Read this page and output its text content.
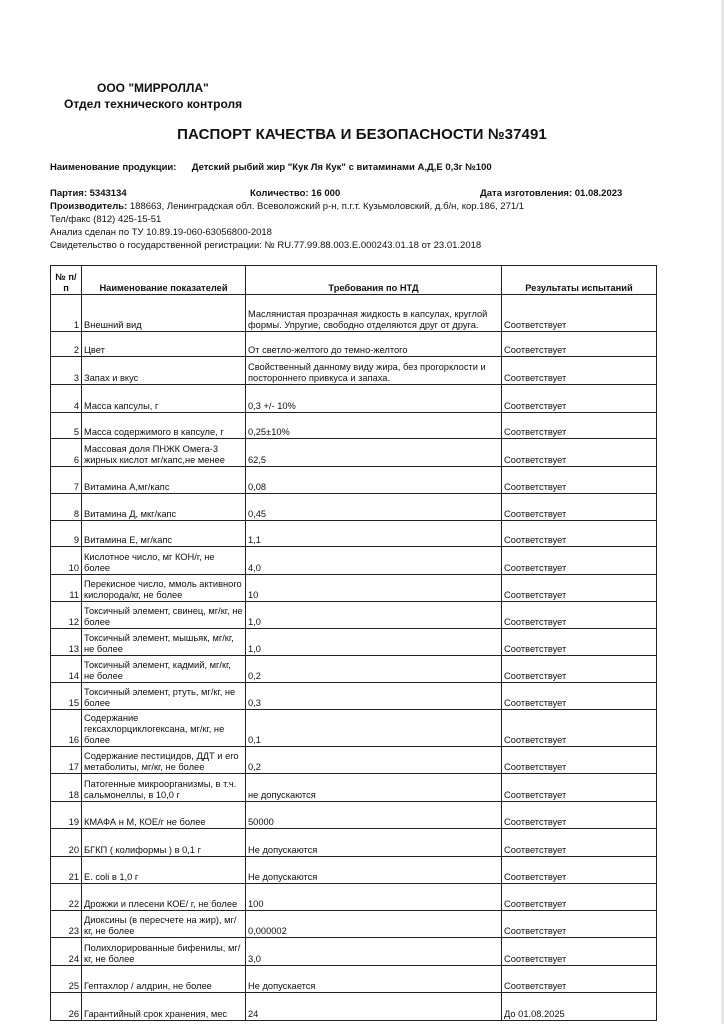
ООО "МИРРОЛЛА"
Отдел технического контроля
ПАСПОРТ КАЧЕСТВА И БЕЗОПАСНОСТИ №37491
Наименование продукции: Детский рыбий жир "Кук Ля Кук" с витаминами А,Д,Е 0,3г №100
Партия: 5343134	Количество: 16 000	Дата изготовления: 01.08.2023
Производитель: 188663, Ленинградская обл. Всеволожский р-н, п.г.т. Кузьмоловский, д.б/н, кор.186, 271/1
Тел/факс (812) 425-15-51
Анализ сделан по ТУ 10.89.19-060-63056800-2018
Свидетельство о государственной регистрации: № RU.77.99.88.003.Е.000243.01.18 от 23.01.2018
№ п/п	Наименование показателей	Требования по НТД	Результаты испытаний
1	Внешний вид	Маслянистая прозрачная жидкость в капсулах, круглой формы. Упругие, свободно отделяются друг от друга.	Соответствует
2	Цвет	От светло-желтого до темно-желтого	Соответствует
3	Запах и вкус	Свойственный данному виду жира, без прогорклости и постороннего привкуса и запаха.	Соответствует
4	Масса капсулы, г	0,3 +/- 10%	Соответствует
5	Масса содержимого в капсуле, г	0,25±10%	Соответствует
6	Массовая доля ПНЖК Омега-3 жирных кислот мг/капс,не менее	62,5	Соответствует
7	Витамина А,мг/капс	0,08	Соответствует
8	Витамина Д, мкг/капс	0,45	Соответствует
9	Витамина Е, мг/капс	1,1	Соответствует
10	Кислотное число, мг КОН/г, не более	4,0	Соответствует
11	Перекисное число, ммоль активного кислорода/кг, не более	10	Соответствует
12	Токсичный элемент, свинец, мг/кг, не более	1,0	Соответствует
13	Токсичный элемент, мышьяк, мг/кг, не более	1,0	Соответствует
14	Токсичный элемент, кадмий, мг/кг, не более	0,2	Соответствует
15	Токсичный элемент, ртуть, мг/кг, не более	0,3	Соответствует
16	Содержание гексахлорциклогексана, мг/кг, не более	0,1	Соответствует
17	Содержание пестицидов, ДДТ и его метаболиты, мг/кг, не более	0,2	Соответствует
18	Патогенные микроорганизмы, в т.ч. сальмонеллы, в 10,0 г	не допускаются	Соответствует
19	КМАФА н М, КОЕ/г не более	50000	Соответствует
20	БГКП ( колиформы ) в 0,1 г	Не допускаются	Соответствует
21	E. coli в 1,0 г	Не допускаются	Соответствует
22	Дрожжи и плесени КОЕ/ г, не более	100	Соответствует
23	Диоксины (в пересчете на жир), мг/кг, не более	0,000002	Соответствует
24	Полихлорированные бифенилы, мг/кг, не более	3,0	Соответствует
25	Гептахлор / алдрин, не более	Не допускается	Соответствует
26	Гарантийный срок хранения, мес	24	До 01.08.2025
